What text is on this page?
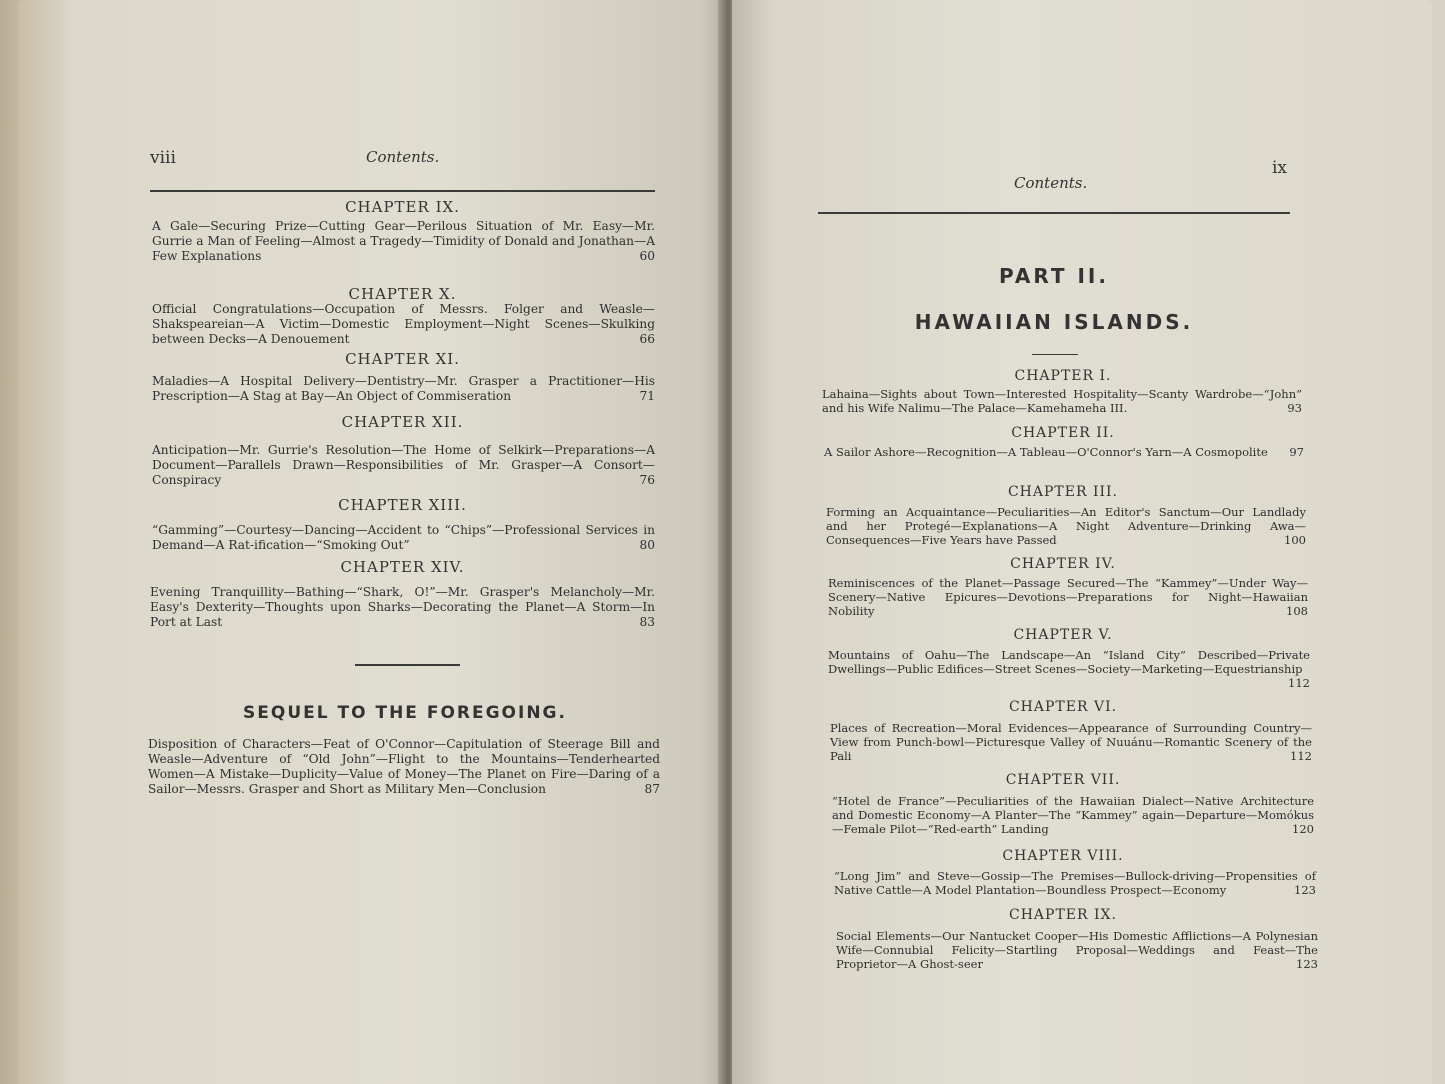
viii	Contents.
CHAPTER IX.
A Gale—Securing Prize—Cutting Gear—Perilous Situation of Mr. Easy—Mr. Gurrie a Man of Feeling—Almost a Tragedy—Timidity of Donald and Jonathan—A Few Explanations	60
CHAPTER X.
Official Congratulations—Occupation of Messrs. Folger and Weasle—Shakspeareian—A Victim—Domestic Employment—Night Scenes—Skulking between Decks—A Denouement	66
CHAPTER XI.
Maladies—A Hospital Delivery—Dentistry—Mr. Grasper a Practitioner—His Prescription—A Stag at Bay—An Object of Commiseration	71
CHAPTER XII.
Anticipation—Mr. Gurrie's Resolution—The Home of Selkirk—Preparations—A Document—Parallels Drawn—Responsibilities of Mr. Grasper—A Consort—Conspiracy	76
CHAPTER XIII.
“Gamming”—Courtesy—Dancing—Accident to “Chips”—Professional Services in Demand—A Rat-ification—“Smoking Out”	80
CHAPTER XIV.
Evening Tranquillity—Bathing—“Shark, O!”—Mr. Grasper's Melancholy—Mr. Easy's Dexterity—Thoughts upon Sharks—Decorating the Planet—A Storm—In Port at Last	83
SEQUEL TO THE FOREGOING.
Disposition of Characters—Feat of O'Connor—Capitulation of Steerage Bill and Weasle—Adventure of “Old John”—Flight to the Mountains—Tenderhearted Women—A Mistake—Duplicity—Value of Money—The Planet on Fire—Daring of a Sailor—Messrs. Grasper and Short as Military Men—Conclusion	87
Contents.
ix
PART II.
HAWAIIAN ISLANDS.
CHAPTER I.
Lahaina—Sights about Town—Interested Hospitality—Scanty Wardrobe—“John” and his Wife Nalimu—The Palace—Kamehameha III.	93
CHAPTER II.
A Sailor Ashore—Recognition—A Tableau—O'Connor's Yarn—A Cosmopolite 97
CHAPTER III.
Forming an Acquaintance—Peculiarities—An Editor's Sanctum—Our Landlady and her Protegé—Explanations—A Night Adventure—Drinking Awa—Consequences—Five Years have Passed	100
CHAPTER IV.
Reminiscences of the Planet—Passage Secured—The “Kammey”—Under Way—Scenery—Native Epicures—Devotions—Preparations for Night—Hawaiian Nobility	108
CHAPTER V.
Mountains of Oahu—The Landscape—An “Island City” Described—Private Dwellings—Public Edifices—Street Scenes—Society—Marketing—Equestrianship
112
CHAPTER VI.
Places of Recreation—Moral Evidences—Appearance of Surrounding Country—View from Punch-bowl—Picturesque Valley of Nuuánu—Romantic Scenery of the Pali	112
CHAPTER VII.
“Hotel de France”—Peculiarities of the Hawaiian Dialect—Native Architecture and Domestic Economy—A Planter—The “Kammey” again—Departure—Momókus—Female Pilot—“Red-earth” Landing	120
CHAPTER VIII.
“Long Jim” and Steve—Gossip—The Premises—Bullock-driving—Propensities of Native Cattle—A Model Plantation—Boundless Prospect—Economy	123
CHAPTER IX.
Social Elements—Our Nantucket Cooper—His Domestic Afflictions—A Polynesian Wife—Connubial Felicity—Startling Proposal—Weddings and Feast—The Proprietor—A Ghost-seer	123
